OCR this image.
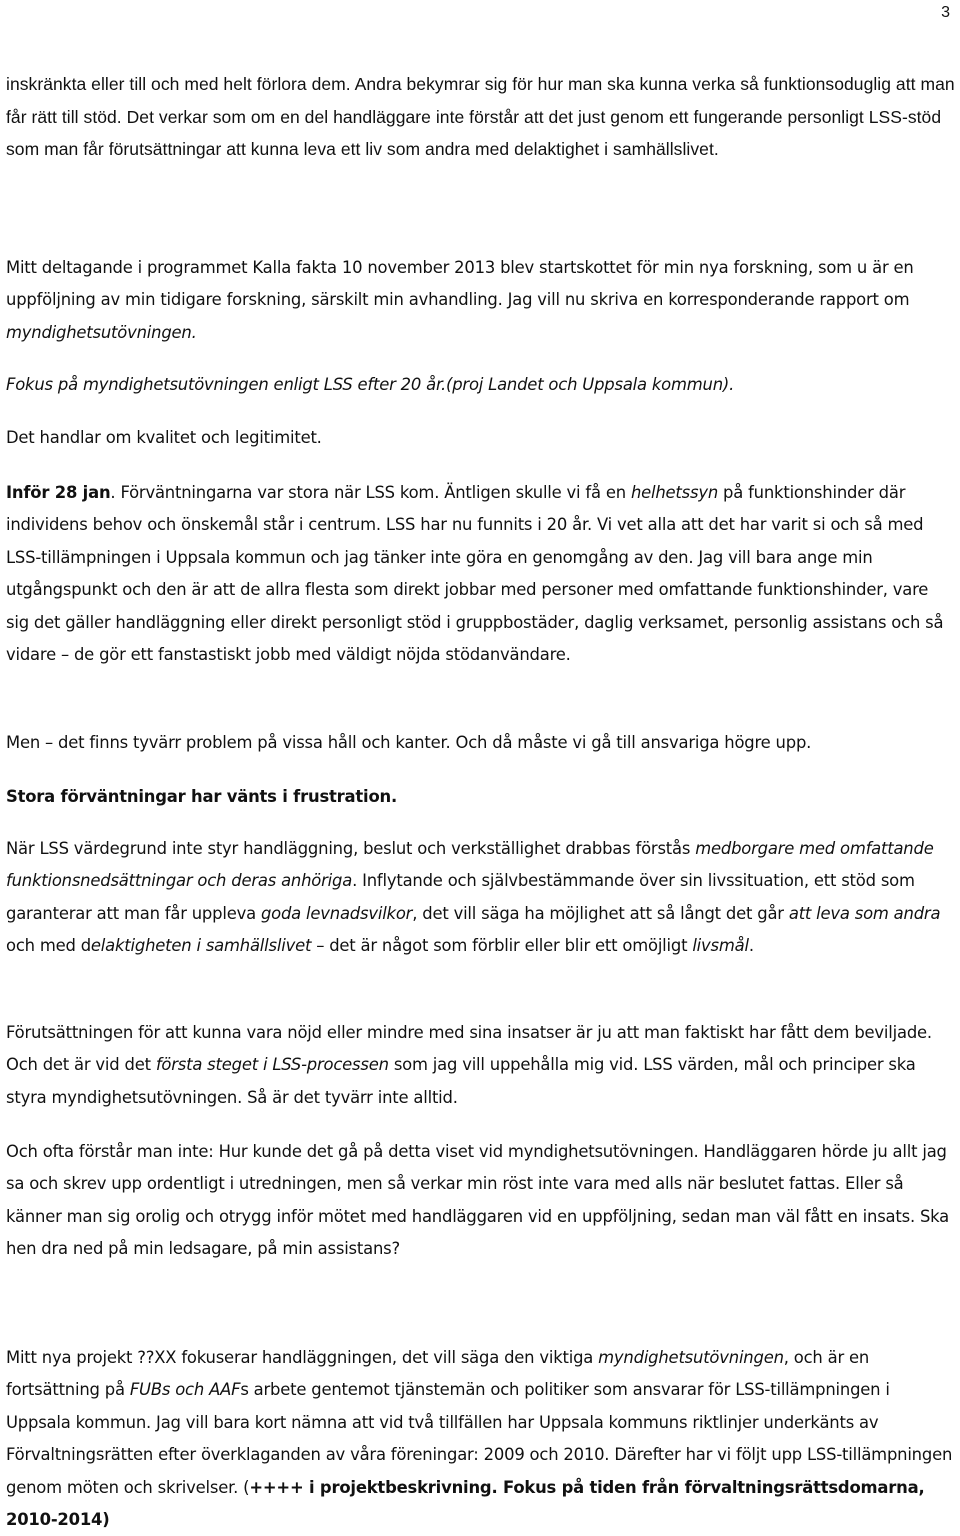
3

inskränkta eller till och med helt förlora dem. Andra bekymrar sig för hur man ska kunna verka så funktionsoduglig att man får rätt till stöd. Det verkar som om en del handläggare inte förstår att det just genom ett fungerande personligt LSS-stöd som man får förutsättningar att kunna leva ett liv som andra med delaktighet i samhällslivet.

Mitt deltagande i programmet Kalla fakta 10 november 2013 blev startskottet för min nya forskning, som u är en uppföljning av min tidigare forskning, särskilt min avhandling. Jag vill nu skriva en korresponderande rapport om myndighetsutövningen.

Fokus på myndighetsutövningen enligt LSS efter 20 år.(proj Landet och Uppsala kommun).

Det handlar om kvalitet och legitimitet.

Inför 28 jan. Förväntningarna var stora när LSS kom. Äntligen skulle vi få en helhetssyn på funktionshinder där individens behov och önskemål står i centrum. LSS har nu funnits i 20 år. Vi vet alla att det har varit si och så med LSS-tillämpningen i Uppsala kommun och jag tänker inte göra en genomgång av den. Jag vill bara ange min utgångspunkt och den är att de allra flesta som direkt jobbar med personer med omfattande funktionshinder, vare sig det gäller handläggning eller direkt personligt stöd i gruppbostäder, daglig verksamet, personlig assistans och så vidare – de gör ett fanstastiskt jobb med väldigt nöjda stödanvändare.

Men – det finns tyvärr problem på vissa håll och kanter. Och då måste vi gå till ansvariga högre upp.

Stora förväntningar har vänts i frustration.

När LSS värdegrund inte styr handläggning, beslut och verkställighet drabbas förstås medborgare med omfattande funktionsnedsättningar och deras anhöriga. Inflytande och självbestämmande över sin livssituation, ett stöd som garanterar att man får uppleva goda levnadsvilkor, det vill säga ha möjlighet att så långt det går att leva som andra och med delaktigheten i samhällslivet – det är något som förblir eller blir ett omöjligt livsmål.

Förutsättningen för att kunna vara nöjd eller mindre med sina insatser är ju att man faktiskt har fått dem beviljade. Och det är vid det första steget i LSS-processen som jag vill uppehålla mig vid. LSS värden, mål och principer ska styra myndighetsutövningen. Så är det tyvärr inte alltid.

Och ofta förstår man inte: Hur kunde det gå på detta viset vid myndighetsutövningen. Handläggaren hörde ju allt jag sa och skrev upp ordentligt i utredningen, men så verkar min röst inte vara med alls när beslutet fattas. Eller så känner man sig orolig och otrygg inför mötet med handläggaren vid en uppföljning, sedan man väl fått en insats. Ska hen dra ned på min ledsagare, på min assistans?

Mitt nya projekt ??XX fokuserar handläggningen, det vill säga den viktiga myndighetsutövningen, och är en fortsättning på FUBs och AAFs arbete gentemot tjänstemän och politiker som ansvarar för LSS-tillämpningen i Uppsala kommun. Jag vill bara kort nämna att vid två tillfällen har Uppsala kommuns riktlinjer underkänts av Förvaltningsrätten efter överklaganden av våra föreningar: 2009 och 2010. Därefter har vi följt upp LSS-tillämpningen genom möten och skrivelser. (++++ i projektbeskrivning. Fokus på tiden från förvaltningsrättsdomarna, 2010-2014)
